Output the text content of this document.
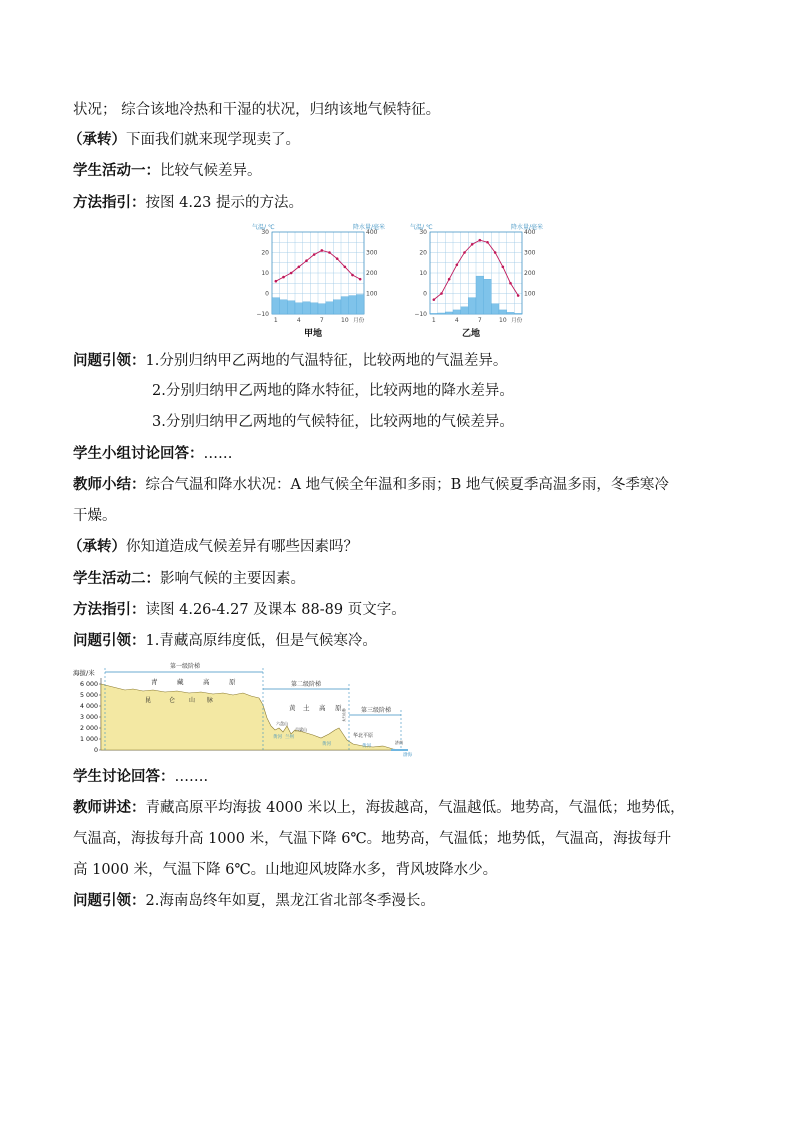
状况； 综合该地冷热和干湿的状况，归纳该地气候特征。
（承转）下面我们就来现学现卖了。
学生活动一：比较气候差异。
方法指引：按图 4.23 提示的方法。
气温/ ℃	降水量/毫米
30
20
10
0
−10
400
300
200
100
1	4	7	10 月份
甲地
气温/ ℃	降水量/毫米
30
20
10
0
−10
400
300
200
100
1	4	7	10 月份
乙地
问题引领：1.分别归纳甲乙两地的气温特征，比较两地的气温差异。
2.分别归纳甲乙两地的降水特征，比较两地的降水差异。
3.分别归纳甲乙两地的气候特征，比较两地的气候差异。
学生小组讨论回答：……
教师小结：综合气温和降水状况：A 地气候全年温和多雨；B 地气候夏季高温多雨，冬季寒冷
干燥。
（承转）你知道造成气候差异有哪些因素吗？
学生活动二：影响气候的主要因素。
方法指引：读图 4.26-4.27 及课本 88-89 页文字。
问题引领：1.青藏高原纬度低，但是气候寒冷。
海拔/米
6 000
5 000
4 000
3 000
2 000
1 000
0
第一级阶梯
第二级阶梯
第三级阶梯
青	藏	高	原
昆	仑 山 脉
黄 土 高 原
六盘山
吕梁山
太行山脉
黄河 兰州
黄河
华北平原
黄河
济南
渤海
学生讨论回答：…….
教师讲述：青藏高原平均海拔 4000 米以上，海拔越高，气温越低。地势高，气温低；地势低，
气温高，海拔每升高 1000 米，气温下降 6℃。地势高，气温低；地势低，气温高，海拔每升
高 1000 米，气温下降 6℃。山地迎风坡降水多，背风坡降水少。
问题引领：2.海南岛终年如夏，黑龙江省北部冬季漫长。
